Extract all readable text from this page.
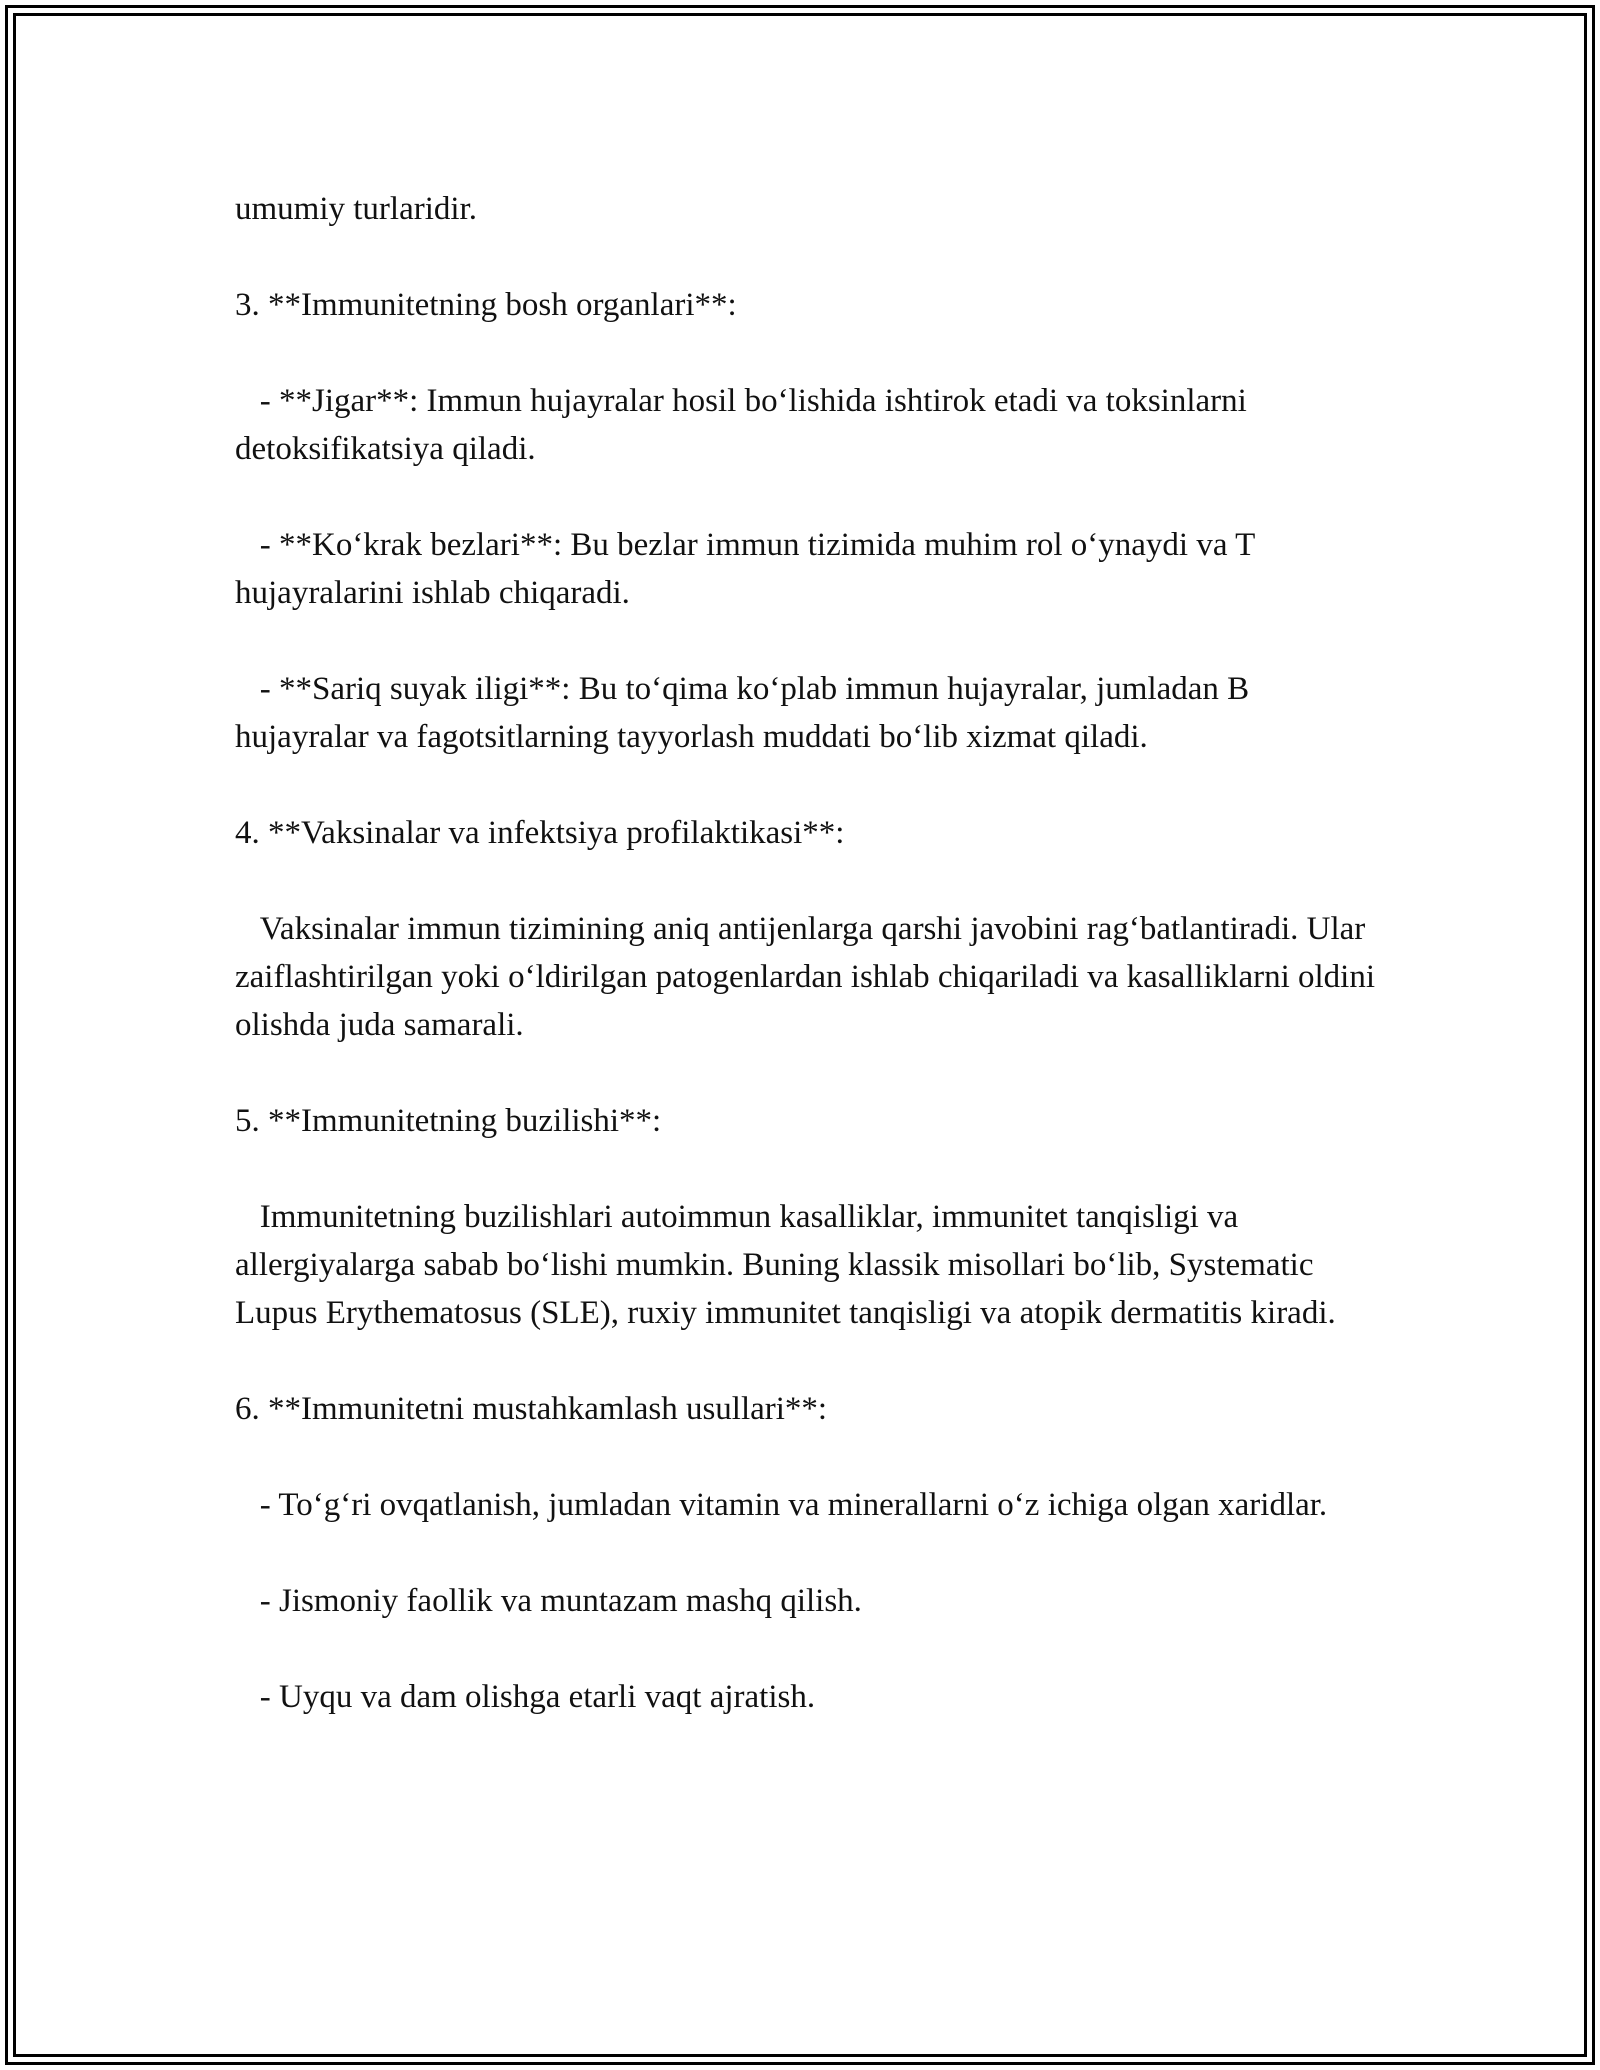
umumiy turlaridir.

3. **Immunitetning bosh organlari**:

- **Jigar**: Immun hujayralar hosil bo‘lishida ishtirok etadi va toksinlarni detoksifikatsiya qiladi.

- **Ko‘krak bezlari**: Bu bezlar immun tizimida muhim rol o‘ynaydi va T hujayralarini ishlab chiqaradi.

- **Sariq suyak iligi**: Bu to‘qima ko‘plab immun hujayralar, jumladan B hujayralar va fagotsitlarning tayyorlash muddati bo‘lib xizmat qiladi.

4. **Vaksinalar va infektsiya profilaktikasi**:

Vaksinalar immun tizimining aniq antijenlarga qarshi javobini rag‘batlantiradi. Ular zaiflashtirilgan yoki o‘ldirilgan patogenlardan ishlab chiqariladi va kasalliklarni oldini olishda juda samarali.

5. **Immunitetning buzilishi**:

Immunitetning buzilishlari autoimmun kasalliklar, immunitet tanqisligi va allergiyalarga sabab bo‘lishi mumkin. Buning klassik misollari bo‘lib, Systematic Lupus Erythematosus (SLE), ruxiy immunitet tanqisligi va atopik dermatitis kiradi.

6. **Immunitetni mustahkamlash usullari**:

- To‘g‘ri ovqatlanish, jumladan vitamin va minerallarni o‘z ichiga olgan xaridlar.

- Jismoniy faollik va muntazam mashq qilish.

- Uyqu va dam olishga etarli vaqt ajratish.
